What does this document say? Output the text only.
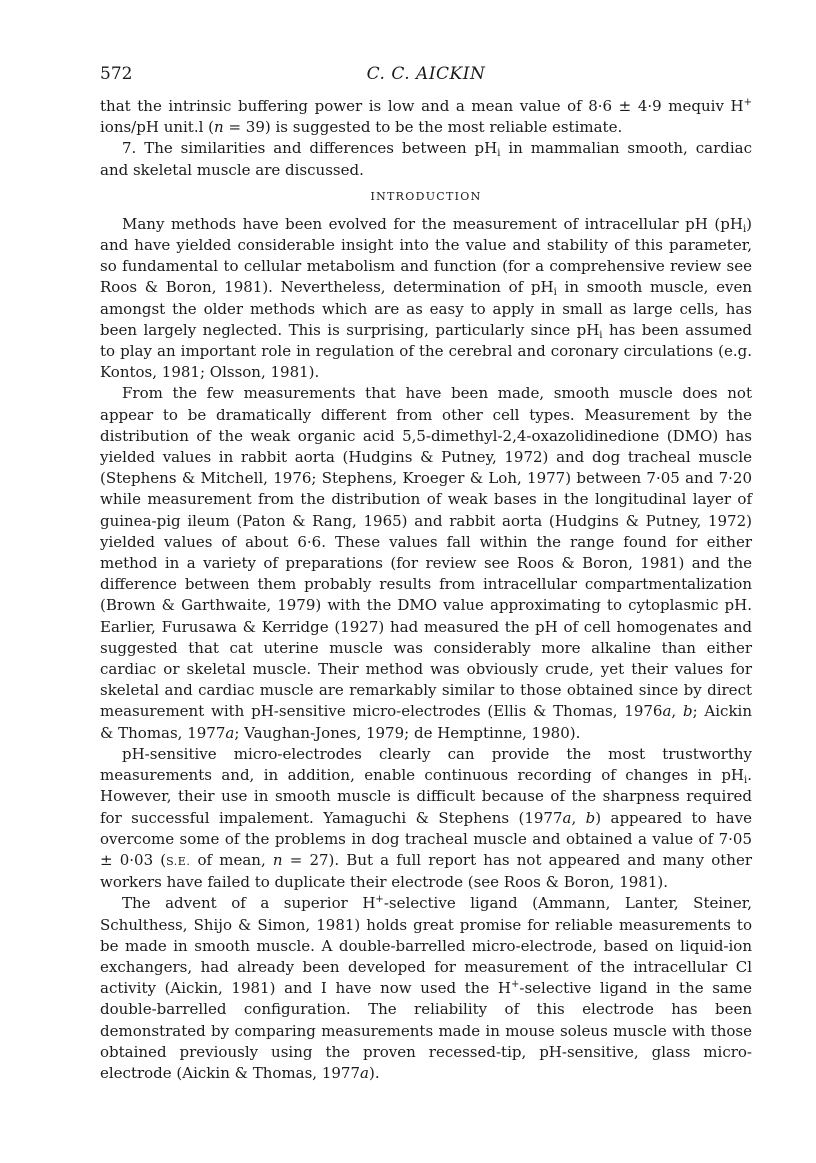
572	C. C. AICKIN

that the intrinsic buffering power is low and a mean value of 8·6 ± 4·9 mequiv H+ ions/pH unit.l (n = 39) is suggested to be the most reliable estimate.

7. The similarities and differences between $pH_i$ in mammalian smooth, cardiac and skeletal muscle are discussed.

INTRODUCTION

Many methods have been evolved for the measurement of intracellular pH $(pH_i)$ and have yielded considerable insight into the value and stability of this parameter, so fundamental to cellular metabolism and function (for a comprehensive review see Roos & Boron, 1981). Nevertheless, determination of $pH_i$ in smooth muscle, even amongst the older methods which are as easy to apply in small as large cells, has been largely neglected. This is surprising, particularly since $pH_i$ has been assumed to play an important role in regulation of the cerebral and coronary circulations (e.g. Kontos, 1981; Olsson, 1981).

From the few measurements that have been made, smooth muscle does not appear to be dramatically different from other cell types. Measurement by the distribution of the weak organic acid 5,5-dimethyl-2,4-oxazolidinedione (DMO) has yielded values in rabbit aorta (Hudgins & Putney, 1972) and dog tracheal muscle (Stephens & Mitchell, 1976; Stephens, Kroeger & Loh, 1977) between 7·05 and 7·20 while measurement from the distribution of weak bases in the longitudinal layer of guinea-pig ileum (Paton & Rang, 1965) and rabbit aorta (Hudgins & Putney, 1972) yielded values of about 6·6. These values fall within the range found for either method in a variety of preparations (for review see Roos & Boron, 1981) and the difference between them probably results from intracellular compartmentalization (Brown & Garthwaite, 1979) with the DMO value approximating to cytoplasmic pH. Earlier, Furusawa & Kerridge (1927) had measured the pH of cell homogenates and suggested that cat uterine muscle was considerably more alkaline than either cardiac or skeletal muscle. Their method was obviously crude, yet their values for skeletal and cardiac muscle are remarkably similar to those obtained since by direct measurement with pH-sensitive micro-electrodes (Ellis & Thomas, 1976a, b; Aickin & Thomas, 1977a; Vaughan-Jones, 1979; de Hemptinne, 1980).

pH-sensitive micro-electrodes clearly can provide the most trustworthy measurements and, in addition, enable continuous recording of changes in $pH_i$. However, their use in smooth muscle is difficult because of the sharpness required for successful impalement. Yamaguchi & Stephens (1977a, b) appeared to have overcome some of the problems in dog tracheal muscle and obtained a value of 7·05 ± 0·03 (S.E. of mean, n = 27). But a full report has not appeared and many other workers have failed to duplicate their electrode (see Roos & Boron, 1981).

The advent of a superior H+-selective ligand (Ammann, Lanter, Steiner, Schulthess, Shijo & Simon, 1981) holds great promise for reliable measurements to be made in smooth muscle. A double-barrelled micro-electrode, based on liquid-ion exchangers, had already been developed for measurement of the intracellular Cl activity (Aickin, 1981) and I have now used the H+-selective ligand in the same double-barrelled configuration. The reliability of this electrode has been demonstrated by comparing measurements made in mouse soleus muscle with those obtained previously using the proven recessed-tip, pH-sensitive, glass micro-electrode (Aickin & Thomas, 1977a).
